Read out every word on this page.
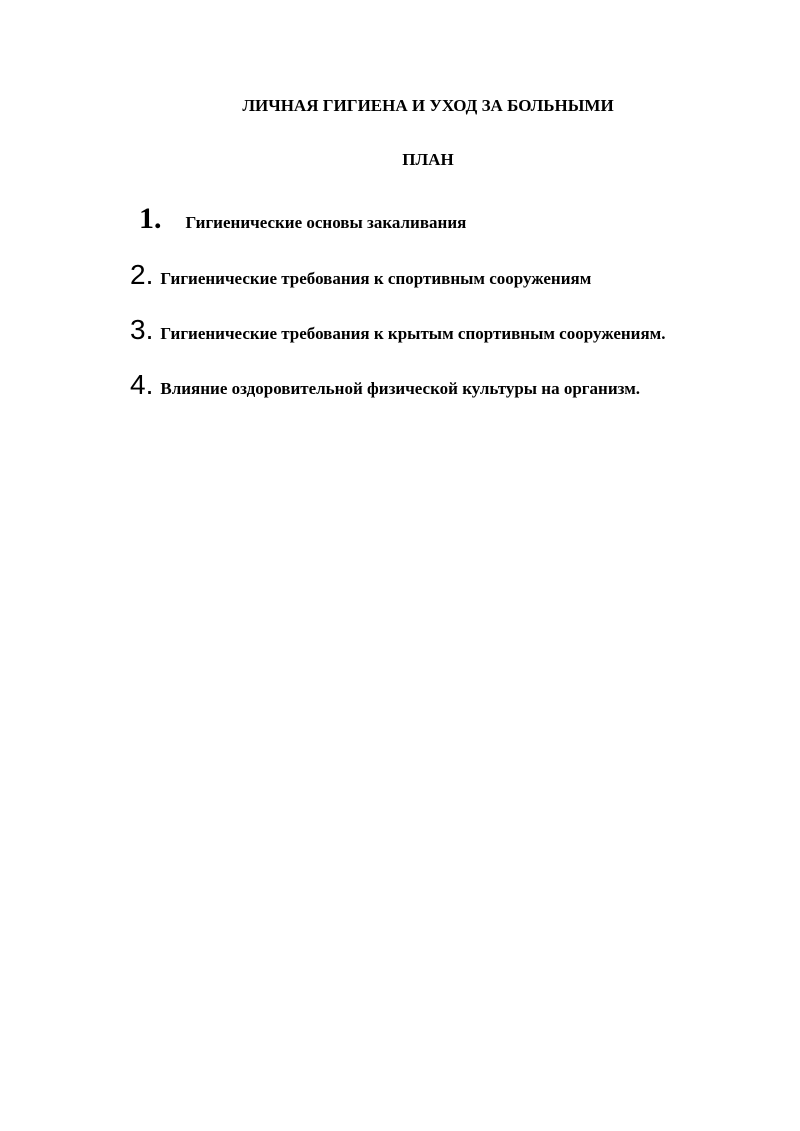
ЛИЧНАЯ ГИГИЕНА И УХОД ЗА БОЛЬНЫМИ
ПЛАН
1. Гигиенические основы закаливания
2. Гигиенические требования к спортивным сооружениям
3. Гигиенические требования к крытым спортивным сооружениям.
4. Влияние оздоровительной физической культуры на организм.
